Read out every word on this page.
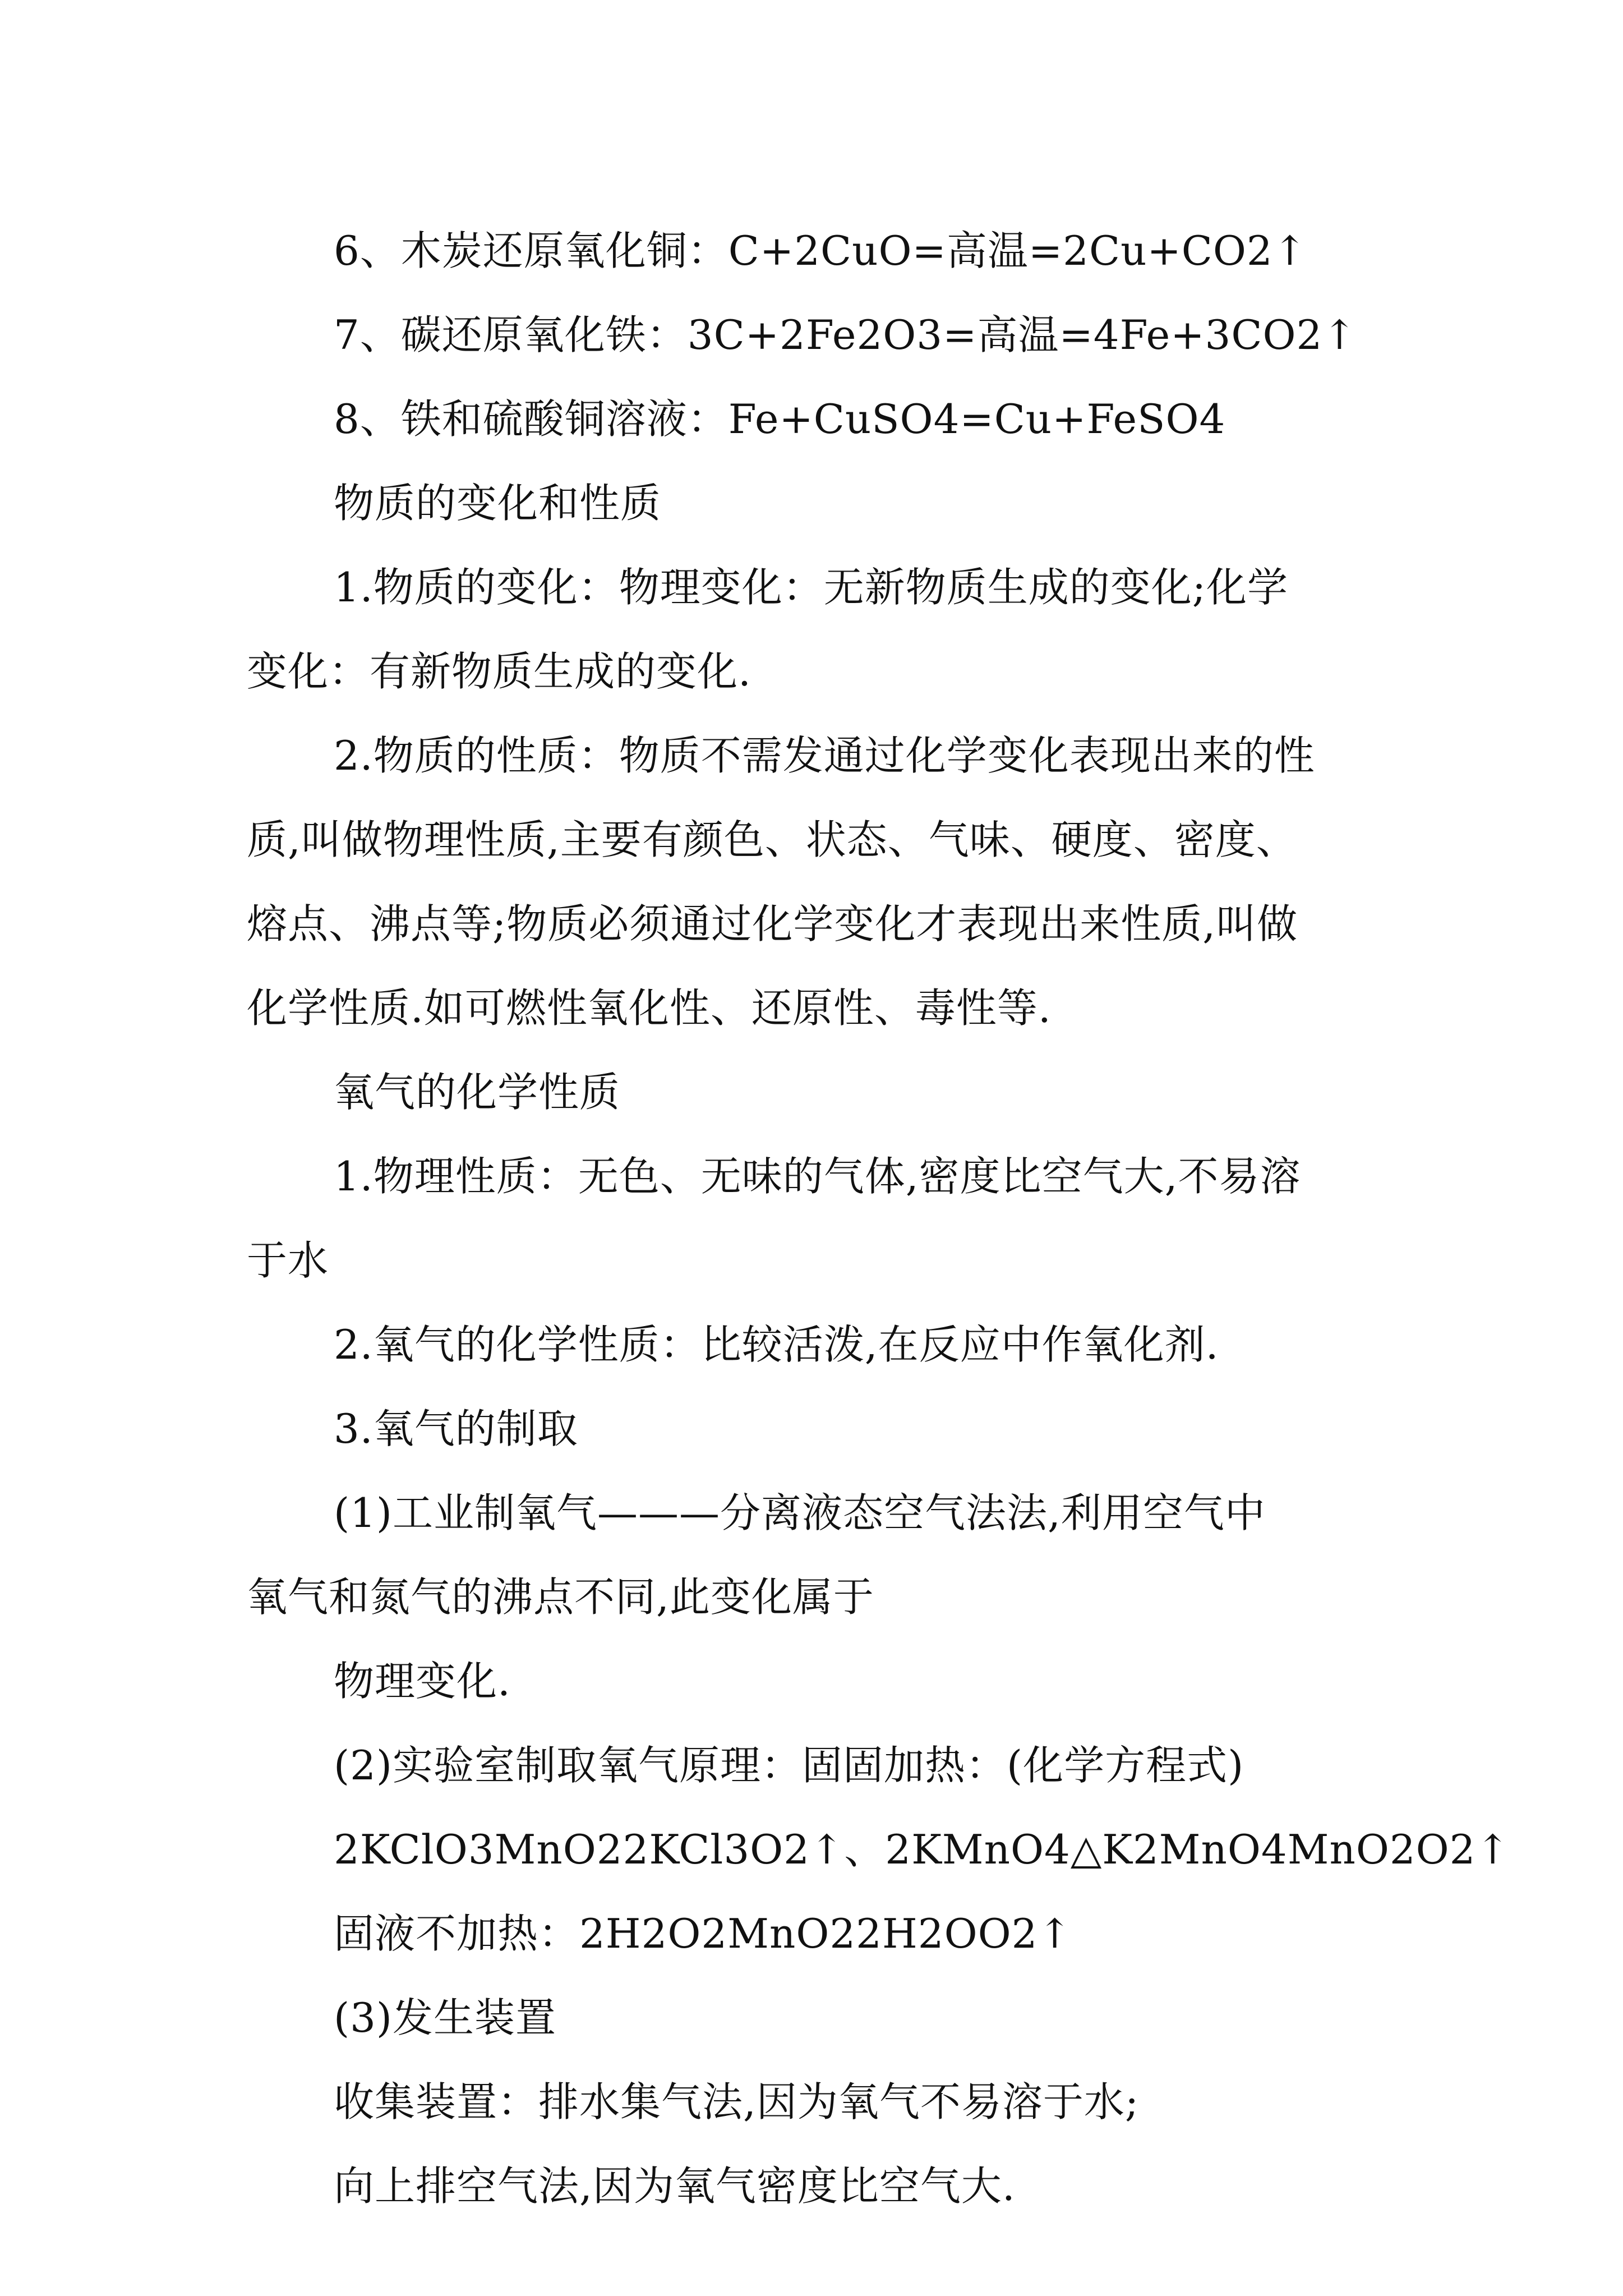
6、木炭还原氧化铜：C+2CuO=高温=2Cu+CO2↑
7、碳还原氧化铁：3C+2Fe2O3=高温=4Fe+3CO2↑
8、铁和硫酸铜溶液：Fe+CuSO4=Cu+FeSO4
物质的变化和性质
1.物质的变化：物理变化：无新物质生成的变化;化学
变化：有新物质生成的变化.
2.物质的性质：物质不需发通过化学变化表现出来的性
质,叫做物理性质,主要有颜色、状态、气味、硬度、密度、
熔点、沸点等;物质必须通过化学变化才表现出来性质,叫做
化学性质.如可燃性氧化性、还原性、毒性等.
氧气的化学性质
1.物理性质：无色、无味的气体,密度比空气大,不易溶
于水
2.氧气的化学性质：比较活泼,在反应中作氧化剂.
3.氧气的制取
(1)工业制氧气———分离液态空气法法,利用空气中
氧气和氮气的沸点不同,此变化属于
物理变化.
(2)实验室制取氧气原理：固固加热：(化学方程式)
2KClO3MnO22KCl3O2↑、2KMnO4△K2MnO4MnO2O2↑
固液不加热：2H2O2MnO22H2OO2↑
(3)发生装置
收集装置：排水集气法,因为氧气不易溶于水;
向上排空气法,因为氧气密度比空气大.
